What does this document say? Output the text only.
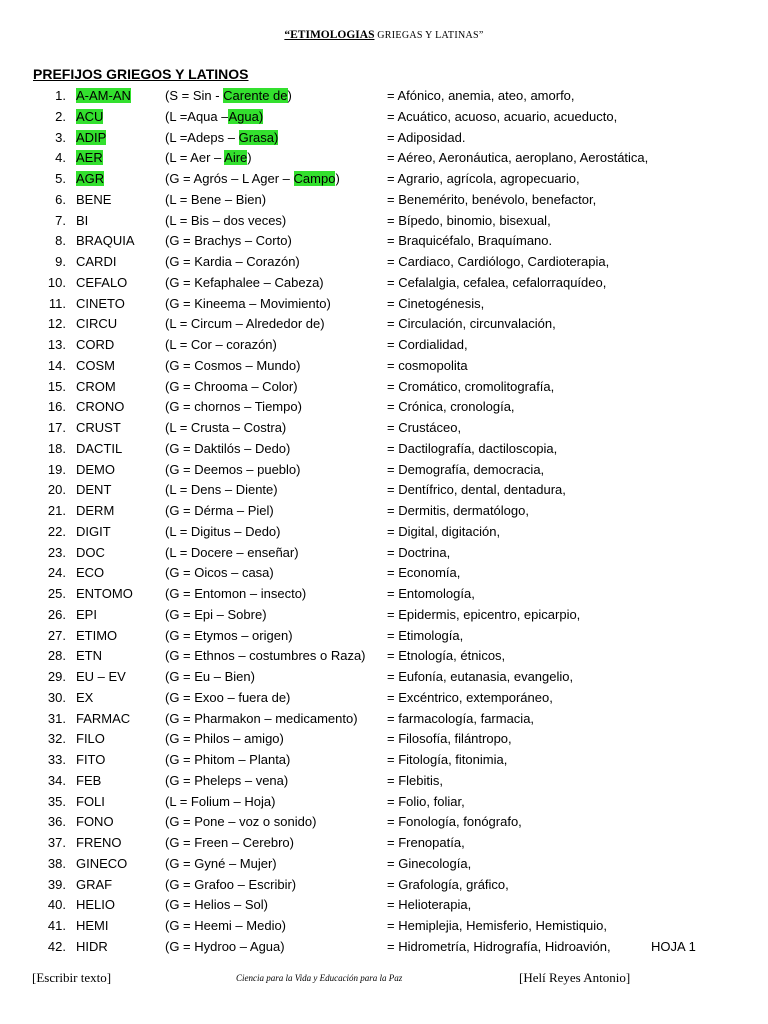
“ETIMOLOGIAS GRIEGAS Y LATINAS”
PREFIJOS GRIEGOS Y LATINOS
1. A-AM-AN	(S = Sin - Carente de)	= Afónico, anemia, ateo, amorfo,
2. ACU	(L =Aqua –Agua)	= Acuático, acuoso, acuario, acueducto,
3. ADIP	(L =Adeps – Grasa)	= Adiposidad.
4. AER	(L = Aer – Aire)	= Aéreo, Aeronáutica, aeroplano, Aerostática,
5. AGR	(G = Agrós – L Ager – Campo)	= Agrario, agrícola, agropecuario,
6. BENE	(L = Bene – Bien)	= Benemérito, benévolo, benefactor,
7. BI	(L = Bis – dos veces)	= Bípedo, binomio, bisexual,
8. BRAQUIA (G = Brachys – Corto)	= Braquicéfalo, Braquímano.
9. CARDI	(G = Kardia – Corazón)	= Cardiaco, Cardiólogo, Cardioterapia,
10. CEFALO	(G = Kefaphalee – Cabeza)	= Cefalalgia, cefalea, cefalorraquídeo,
11. CINETO	(G = Kineema – Movimiento)	= Cinetogénesis,
12. CIRCU	(L = Circum – Alrededor de)	= Circulación, circunvalación,
13. CORD	(L = Cor – corazón)	= Cordialidad,
14. COSM	(G = Cosmos – Mundo)	= cosmopolita
15. CROM	(G = Chrooma – Color)	= Cromático, cromolitografía,
16. CRONO	(G = chornos – Tiempo)	= Crónica, cronología,
17. CRUST	(L = Crusta – Costra)	= Crustáceo,
18. DACTIL	(G = Daktilós – Dedo)	= Dactilografía, dactiloscopia,
19. DEMO	(G = Deemos – pueblo)	= Demografía, democracia,
20. DENT	(L = Dens – Diente)	= Dentífrico, dental, dentadura,
21. DERM	(G = Dérma – Piel)	= Dermitis, dermatólogo,
22. DIGIT	(L = Digitus – Dedo)	= Digital, digitación,
23. DOC	(L = Docere – enseñar)	= Doctrina,
24. ECO	(G = Oicos – casa)	= Economía,
25. ENTOMO (G = Entomon – insecto)	= Entomología,
26. EPI	(G = Epi – Sobre)	= Epidermis, epicentro, epicarpio,
27. ETIMO	(G = Etymos – origen)	= Etimología,
28. ETN	(G = Ethnos – costumbres o Raza) = Etnología, étnicos,
29. EU – EV	(G = Eu – Bien)	= Eufonía, eutanasia, evangelio,
30. EX	(G = Exoo – fuera de)	= Excéntrico, extemporáneo,
31. FARMAC	(G = Pharmakon – medicamento) = farmacología, farmacia,
32. FILO	(G = Philos – amigo)	= Filosofía, filántropo,
33. FITO	(G = Phitom – Planta)	= Fitología, fitonimia,
34. FEB	(G = Pheleps – vena)	= Flebitis,
35. FOLI	(L = Folium – Hoja)	= Folio, foliar,
36. FONO	(G = Pone – voz o sonido)	= Fonología, fonógrafo,
37. FRENO	(G = Freen – Cerebro)	= Frenopatía,
38. GINECO	(G = Gyné – Mujer)	= Ginecología,
39. GRAF	(G = Grafoo – Escribir)	= Grafología, gráfico,
40. HELIO	(G = Helios – Sol)	= Helioterapia,
41. HEMI	(G = Heemi – Medio)	= Hemiplejia, Hemisferio, Hemistiquio,
42. HIDR	(G = Hydroo – Agua)	= Hidrometría, Hidrografía, Hidroavión,	HOJA 1
[Escribir texto]	Ciencia para la Vida y Educación para la Paz	[Helí Reyes Antonio]
